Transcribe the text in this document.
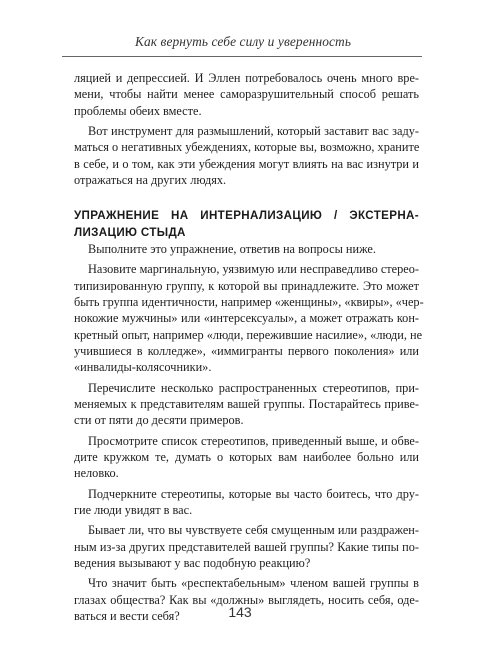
Как вернуть себе силу и уверенность

ляцией и депрессией. И Эллен потребовалось очень много вре-
мени, чтобы найти менее саморазрушительный способ решать
проблемы обеих вместе.

Вот инструмент для размышлений, который заставит вас заду-
маться о негативных убеждениях, которые вы, возможно, храните
в себе, и о том, как эти убеждения могут влиять на вас изнутри и
отражаться на других людях.

УПРАЖНЕНИЕ НА ИНТЕРНАЛИЗАЦИЮ / ЭКСТЕРНА-
ЛИЗАЦИЮ СТЫДА

Выполните это упражнение, ответив на вопросы ниже.

Назовите маргинальную, уязвимую или несправедливо стерео-
типизированную группу, к которой вы принадлежите. Это может
быть группа идентичности, например «женщины», «квиры», «чер-
нокожие мужчины» или «интерсексуалы», а может отражать кон-
кретный опыт, например «люди, пережившие насилие», «люди, не
учившиеся в колледже», «иммигранты первого поколения» или
«инвалиды-колясочники».

Перечислите несколько распространенных стереотипов, при-
меняемых к представителям вашей группы. Постарайтесь приве-
сти от пяти до десяти примеров.

Просмотрите список стереотипов, приведенный выше, и обве-
дите кружком те, думать о которых вам наиболее больно или
неловко.

Подчеркните стереотипы, которые вы часто боитесь, что дру-
гие люди увидят в вас.

Бывает ли, что вы чувствуете себя смущенным или раздражен-
ным из-за других представителей вашей группы? Какие типы по-
ведения вызывают у вас подобную реакцию?

Что значит быть «респектабельным» членом вашей группы в
глазах общества? Как вы «должны» выглядеть, носить себя, оде-
ваться и вести себя?	143
